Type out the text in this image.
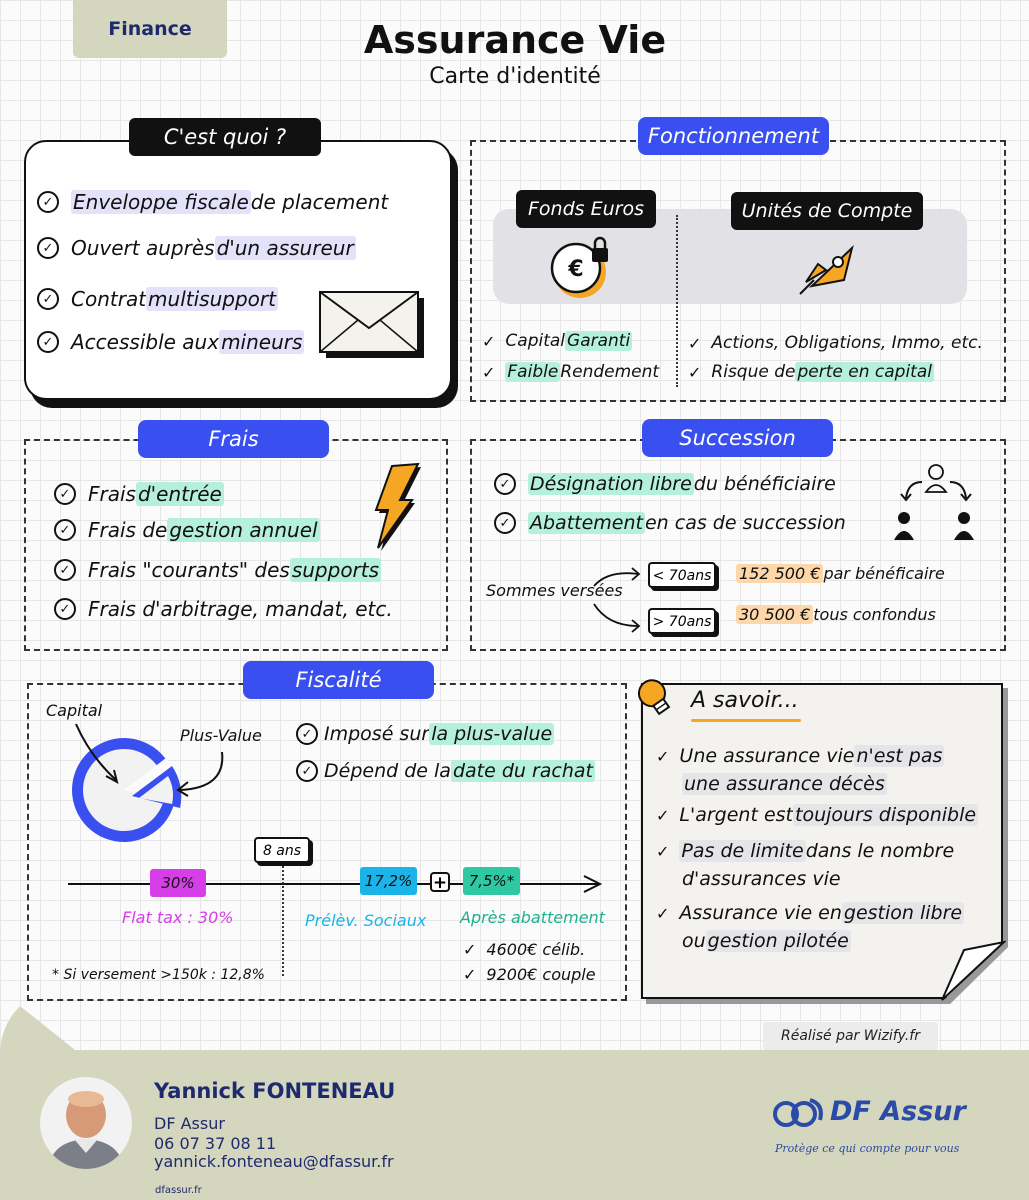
Finance	Assurance Vie
Carte d'identité
C'est quoi ?
✓ Enveloppe fiscale de placement
✓ Ouvert auprès d'un assureur
✓ Contrat multisupport
✓ Accessible aux mineurs
Fonctionnement
Fonds Euros	Unités de Compte
€
✓ Capital Garanti
✓ Faible Rendement
✓ Actions, Obligations, Immo, etc.
✓ Risque de perte en capital
Frais
✓ Frais d'entrée
✓ Frais de gestion annuel
✓ Frais "courants" des supports
✓ Frais d'arbitrage, mandat, etc.
Succession
✓ Désignation libre du bénéficiaire
✓ Abattement en cas de succession
Sommes versées
< 70ans 152 500 € par bénéficaire
> 70ans 30 500 € tous confondus
Fiscalité
Capital
Plus-Value	✓ Imposé sur la plus-value
✓ Dépend de la date du rachat
8 ans
30%	17,2% +	7,5%*
Flat tax : 30%	Prélèv. Sociaux Après abattement
✓ 4600€ célib.
✓ 9200€ couple
* Si versement >150k : 12,8%
A savoir...
✓ Une assurance vie n'est pas
une assurance décès
✓ L'argent est toujours disponible
✓ Pas de limite dans le nombre
d'assurances vie
✓ Assurance vie en gestion libre
ou gestion pilotée
Réalisé par Wizify.fr
Yannick FONTENEAU
DF Assur
06 07 37 08 11
yannick.fonteneau@dfassur.fr
dfassur.fr
DF Assur
Protège ce qui compte pour vous
